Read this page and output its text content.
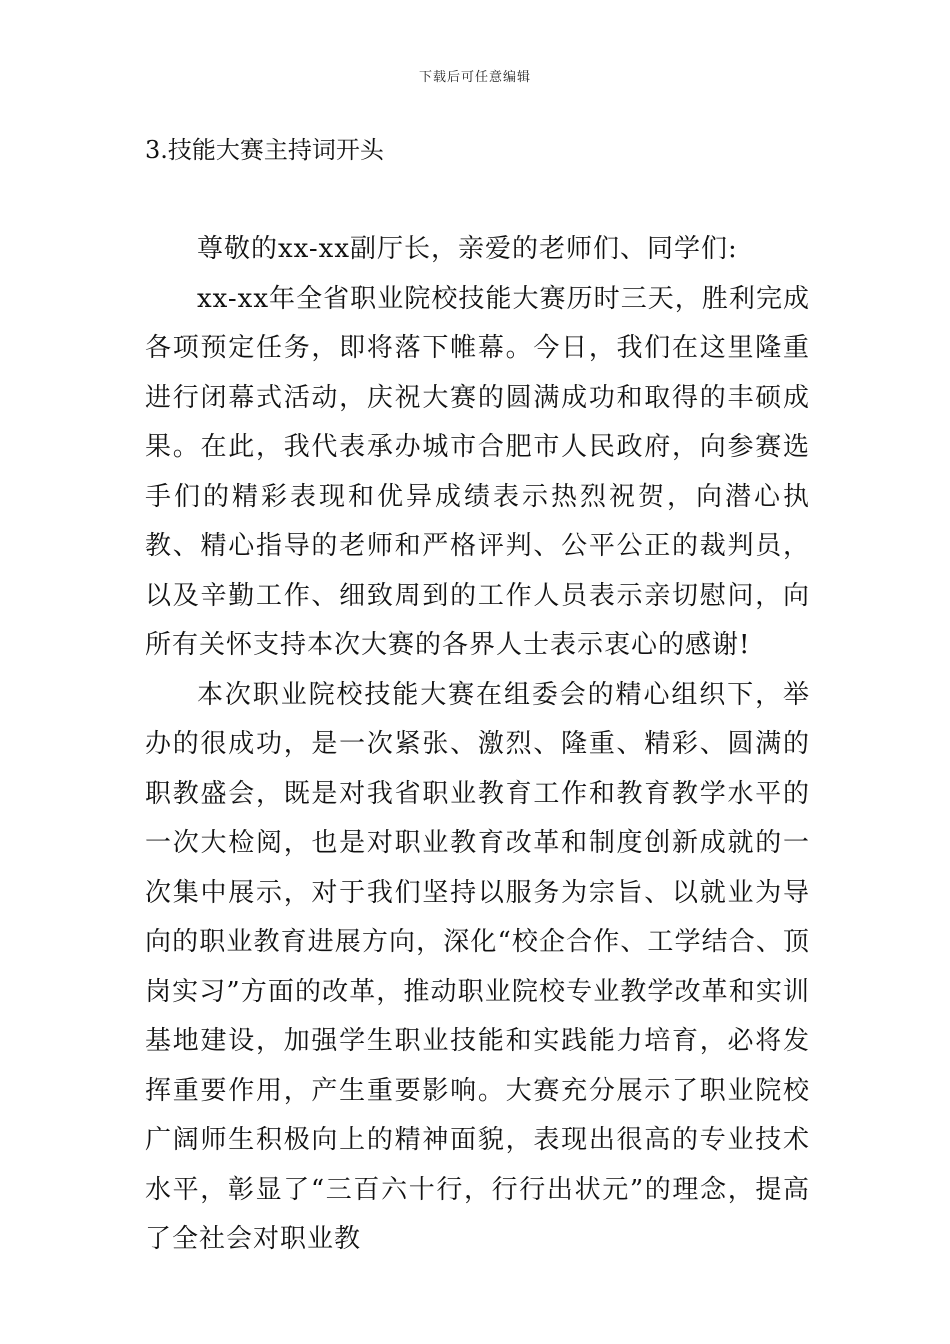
下载后可任意编辑
3.技能大赛主持词开头

尊敬的xx-xx副厅长，亲爱的老师们、同学们:

xx-xx年全省职业院校技能大赛历时三天，胜利完成各项预定任务，即将落下帷幕。今日，我们在这里隆重进行闭幕式活动，庆祝大赛的圆满成功和取得的丰硕成果。在此，我代表承办城市合肥市人民政府，向参赛选手们的精彩表现和优异成绩表示热烈祝贺，向潜心执教、精心指导的老师和严格评判、公平公正的裁判员，以及辛勤工作、细致周到的工作人员表示亲切慰问，向所有关怀支持本次大赛的各界人士表示衷心的感谢!

本次职业院校技能大赛在组委会的精心组织下，举办的很成功，是一次紧张、激烈、隆重、精彩、圆满的职教盛会，既是对我省职业教育工作和教育教学水平的一次大检阅，也是对职业教育改革和制度创新成就的一次集中展示，对于我们坚持以服务为宗旨、以就业为导向的职业教育进展方向，深化“校企合作、工学结合、顶岗实习”方面的改革，推动职业院校专业教学改革和实训基地建设，加强学生职业技能和实践能力培育，必将发挥重要作用，产生重要影响。大赛充分展示了职业院校广阔师生积极向上的精神面貌，表现出很高的专业技术水平，彰显了“三百六十行，行行出状元”的理念，提高了全社会对职业教
